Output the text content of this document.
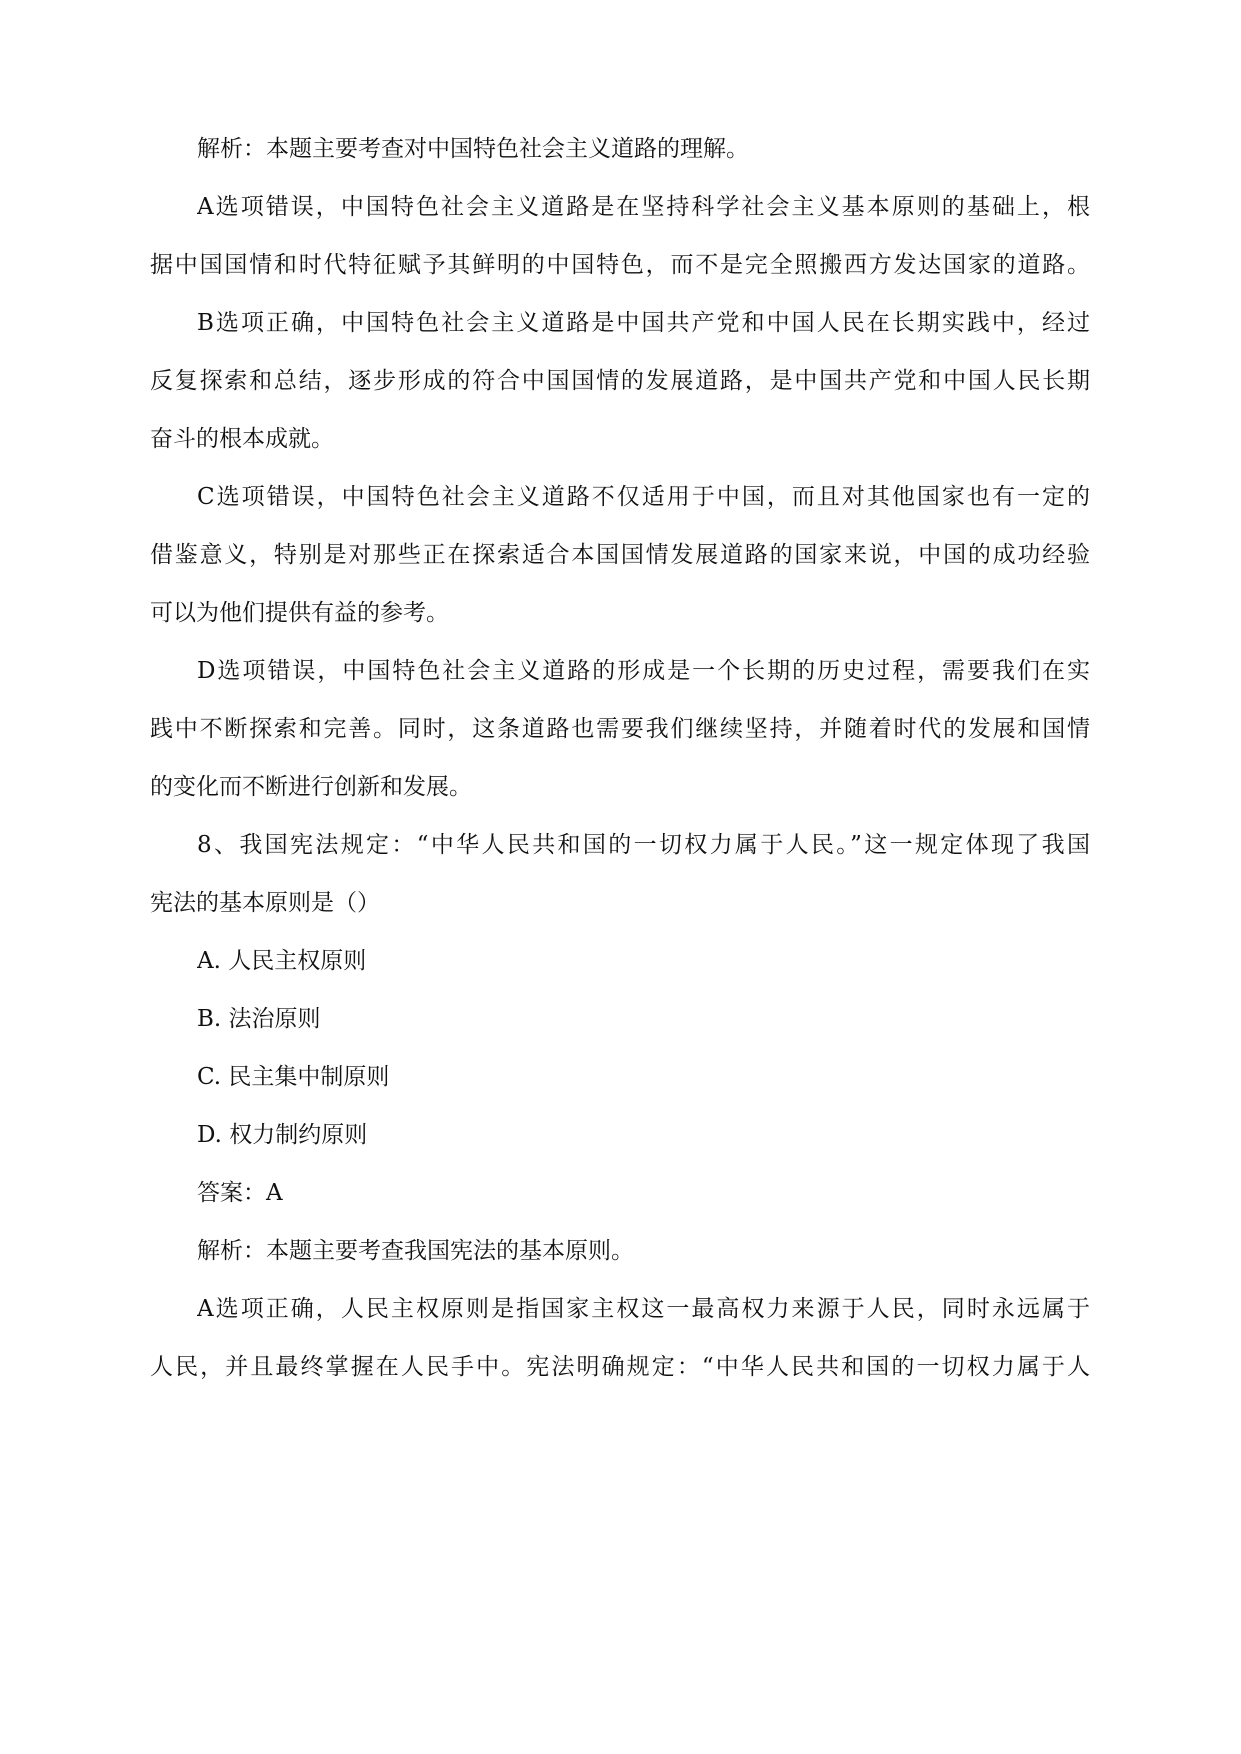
解析：本题主要考查对中国特色社会主义道路的理解。
A选项错误，中国特色社会主义道路是在坚持科学社会主义基本原则的基础上，根
据中国国情和时代特征赋予其鲜明的中国特色，而不是完全照搬西方发达国家的道路。
B选项正确，中国特色社会主义道路是中国共产党和中国人民在长期实践中，经过
反复探索和总结，逐步形成的符合中国国情的发展道路，是中国共产党和中国人民长期
奋斗的根本成就。
C选项错误，中国特色社会主义道路不仅适用于中国，而且对其他国家也有一定的
借鉴意义，特别是对那些正在探索适合本国国情发展道路的国家来说，中国的成功经验
可以为他们提供有益的参考。
D选项错误，中国特色社会主义道路的形成是一个长期的历史过程，需要我们在实
践中不断探索和完善。同时，这条道路也需要我们继续坚持，并随着时代的发展和国情
的变化而不断进行创新和发展。
8、我国宪法规定：“中华人民共和国的一切权力属于人民。”这一规定体现了我国
宪法的基本原则是（）
A. 人民主权原则
B. 法治原则
C. 民主集中制原则
D. 权力制约原则
答案：A
解析：本题主要考查我国宪法的基本原则。
A选项正确，人民主权原则是指国家主权这一最高权力来源于人民，同时永远属于
人民，并且最终掌握在人民手中。宪法明确规定：“中华人民共和国的一切权力属于人
